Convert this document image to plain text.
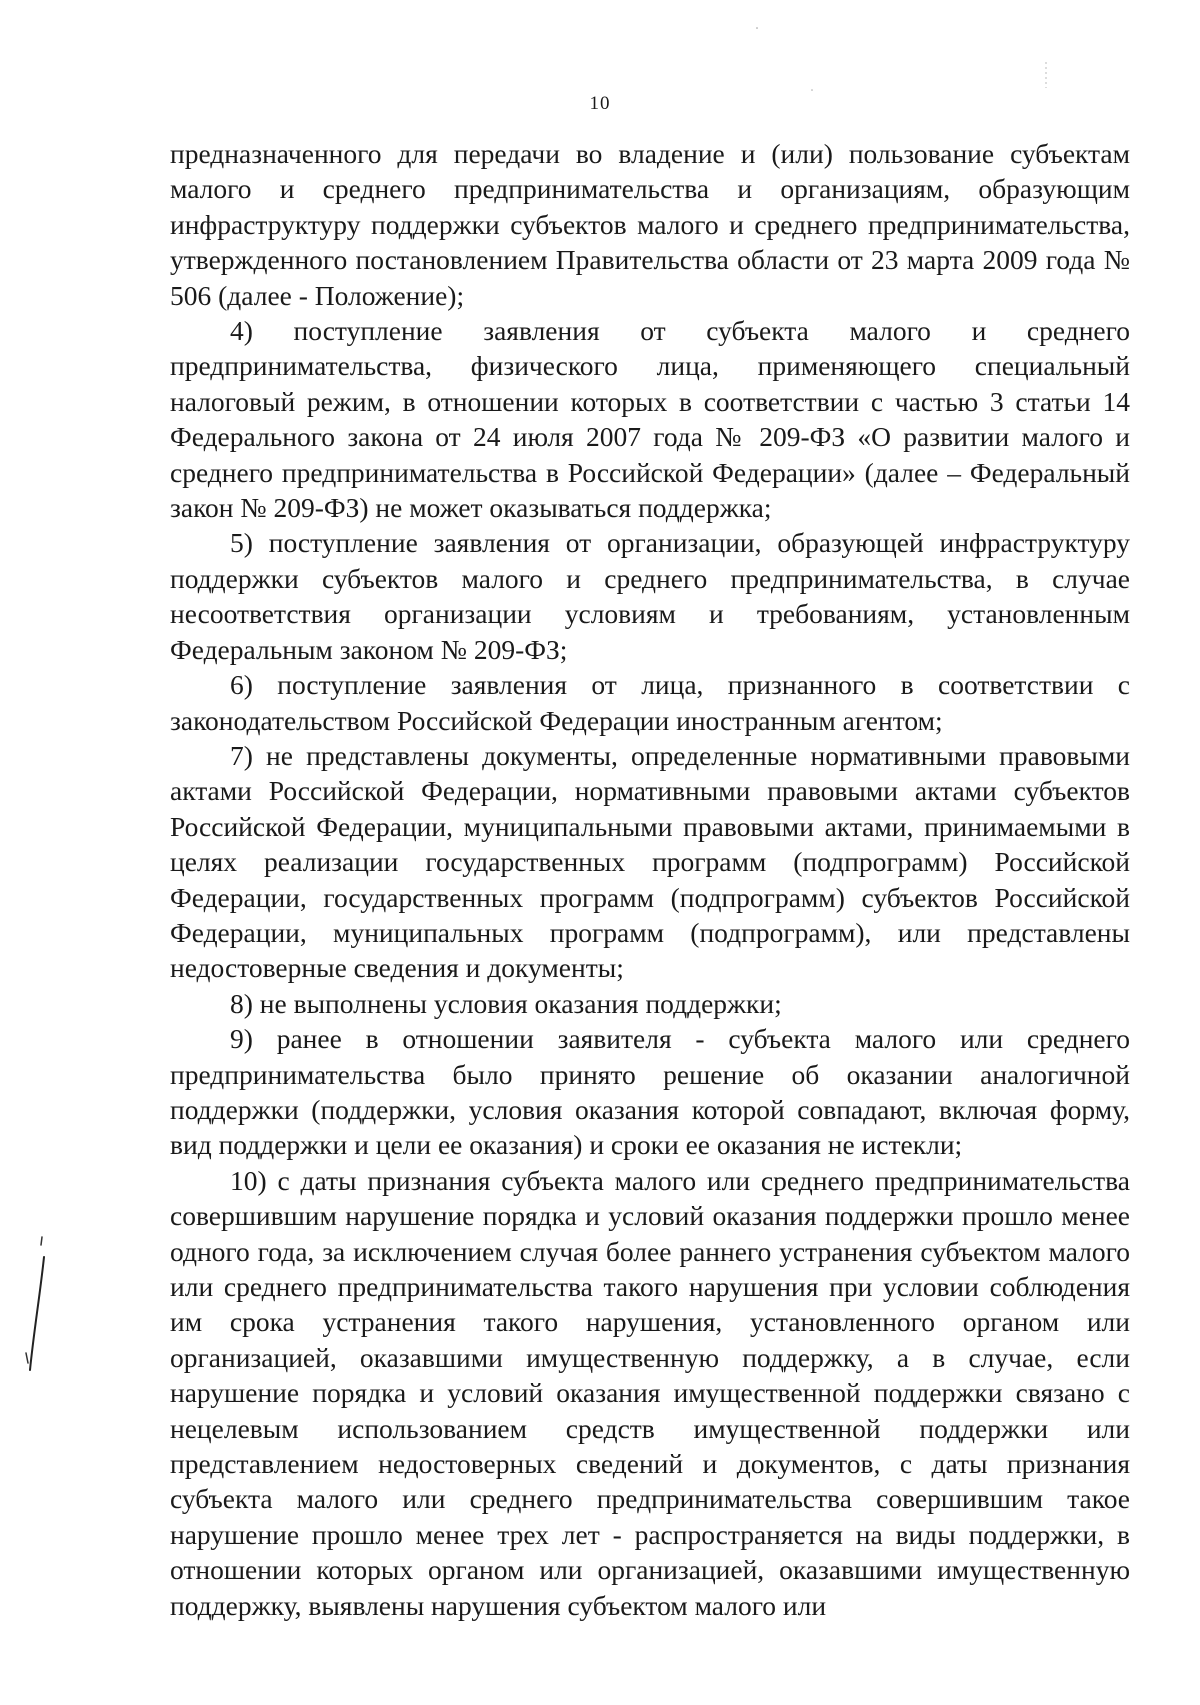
10

предназначенного для передачи во владение и (или) пользование субъектам малого и среднего предпринимательства и организациям, образующим инфраструктуру поддержки субъектов малого и среднего предпринимательства, утвержденного постановлением Правительства области от 23 марта 2009 года № 506 (далее - Положение);

4) поступление заявления от субъекта малого и среднего предпринимательства, физического лица, применяющего специальный налоговый режим, в отношении которых в соответствии с частью 3 статьи 14 Федерального закона от 24 июля 2007 года № 209-ФЗ «О развитии малого и среднего предпринимательства в Российской Федерации» (далее – Федеральный закон № 209-ФЗ) не может оказываться поддержка;

5) поступление заявления от организации, образующей инфраструктуру поддержки субъектов малого и среднего предпринимательства, в случае несоответствия организации условиям и требованиям, установленным Федеральным законом № 209-ФЗ;

6) поступление заявления от лица, признанного в соответствии с законодательством Российской Федерации иностранным агентом;

7) не представлены документы, определенные нормативными правовыми актами Российской Федерации, нормативными правовыми актами субъектов Российской Федерации, муниципальными правовыми актами, принимаемыми в целях реализации государственных программ (подпрограмм) Российской Федерации, государственных программ (подпрограмм) субъектов Российской Федерации, муниципальных программ (подпрограмм), или представлены недостоверные сведения и документы;

8) не выполнены условия оказания поддержки;

9) ранее в отношении заявителя - субъекта малого или среднего предпринимательства было принято решение об оказании аналогичной поддержки (поддержки, условия оказания которой совпадают, включая форму, вид поддержки и цели ее оказания) и сроки ее оказания не истекли;

10) с даты признания субъекта малого или среднего предпринимательства совершившим нарушение порядка и условий оказания поддержки прошло менее одного года, за исключением случая более раннего устранения субъектом малого или среднего предпринимательства такого нарушения при условии соблюдения им срока устранения такого нарушения, установленного органом или организацией, оказавшими имущественную поддержку, а в случае, если нарушение порядка и условий оказания имущественной поддержки связано с нецелевым использованием средств имущественной поддержки или представлением недостоверных сведений и документов, с даты признания субъекта малого или среднего предпринимательства совершившим такое нарушение прошло менее трех лет - распространяется на виды поддержки, в отношении которых органом или организацией, оказавшими имущественную поддержку, выявлены нарушения субъектом малого или
